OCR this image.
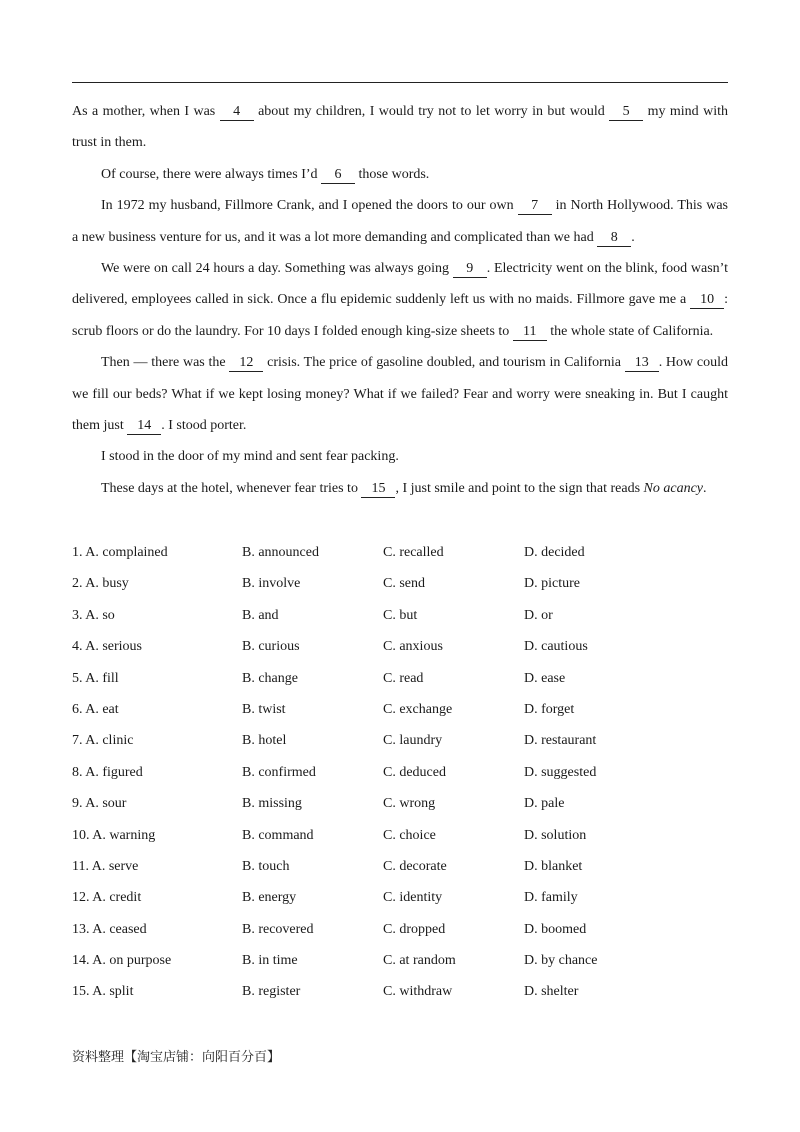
As a mother, when I was 4 about my children, I would try not to let worry in but would 5 my mind with trust in them.

Of course, there were always times I’d 6 those words.

In 1972 my husband, Fillmore Crank, and I opened the doors to our own 7 in North Hollywood. This was a new business venture for us, and it was a lot more demanding and complicated than we had 8 .

We were on call 24 hours a day. Something was always going 9 . Electricity went on the blink, food wasn’t delivered, employees called in sick. Once a flu epidemic suddenly left us with no maids. Fillmore gave me a 10 : scrub floors or do the laundry. For 10 days I folded enough king-size sheets to 11 the whole state of California.

Then — there was the 12 crisis. The price of gasoline doubled, and tourism in California 13 . How could we fill our beds? What if we kept losing money? What if we failed? Fear and worry were sneaking in. But I caught them just 14 . I stood porter.

I stood in the door of my mind and sent fear packing.

These days at the hotel, whenever fear tries to 15 , I just smile and point to the sign that reads No acancy.

1. A. complained	B. announced	C. recalled	D. decided
2. A. busy	B. involve	C. send	D. picture
3. A. so	B. and	C. but	D. or
4. A. serious	B. curious	C. anxious	D. cautious
5. A. fill	B. change	C. read	D. ease
6. A. eat	B. twist	C. exchange	D. forget
7. A. clinic	B. hotel	C. laundry	D. restaurant
8. A. figured	B. confirmed	C. deduced	D. suggested
9. A. sour	B. missing	C. wrong	D. pale
10. A. warning	B. command	C. choice	D. solution
11. A. serve	B. touch	C. decorate	D. blanket
12. A. credit	B. energy	C. identity	D. family
13. A. ceased	B. recovered	C. dropped	D. boomed
14. A. on purpose	B. in time	C. at random	D. by chance
15. A. split	B. register	C. withdraw	D. shelter
资料整理【淘宝店铺：向阳百分百】
